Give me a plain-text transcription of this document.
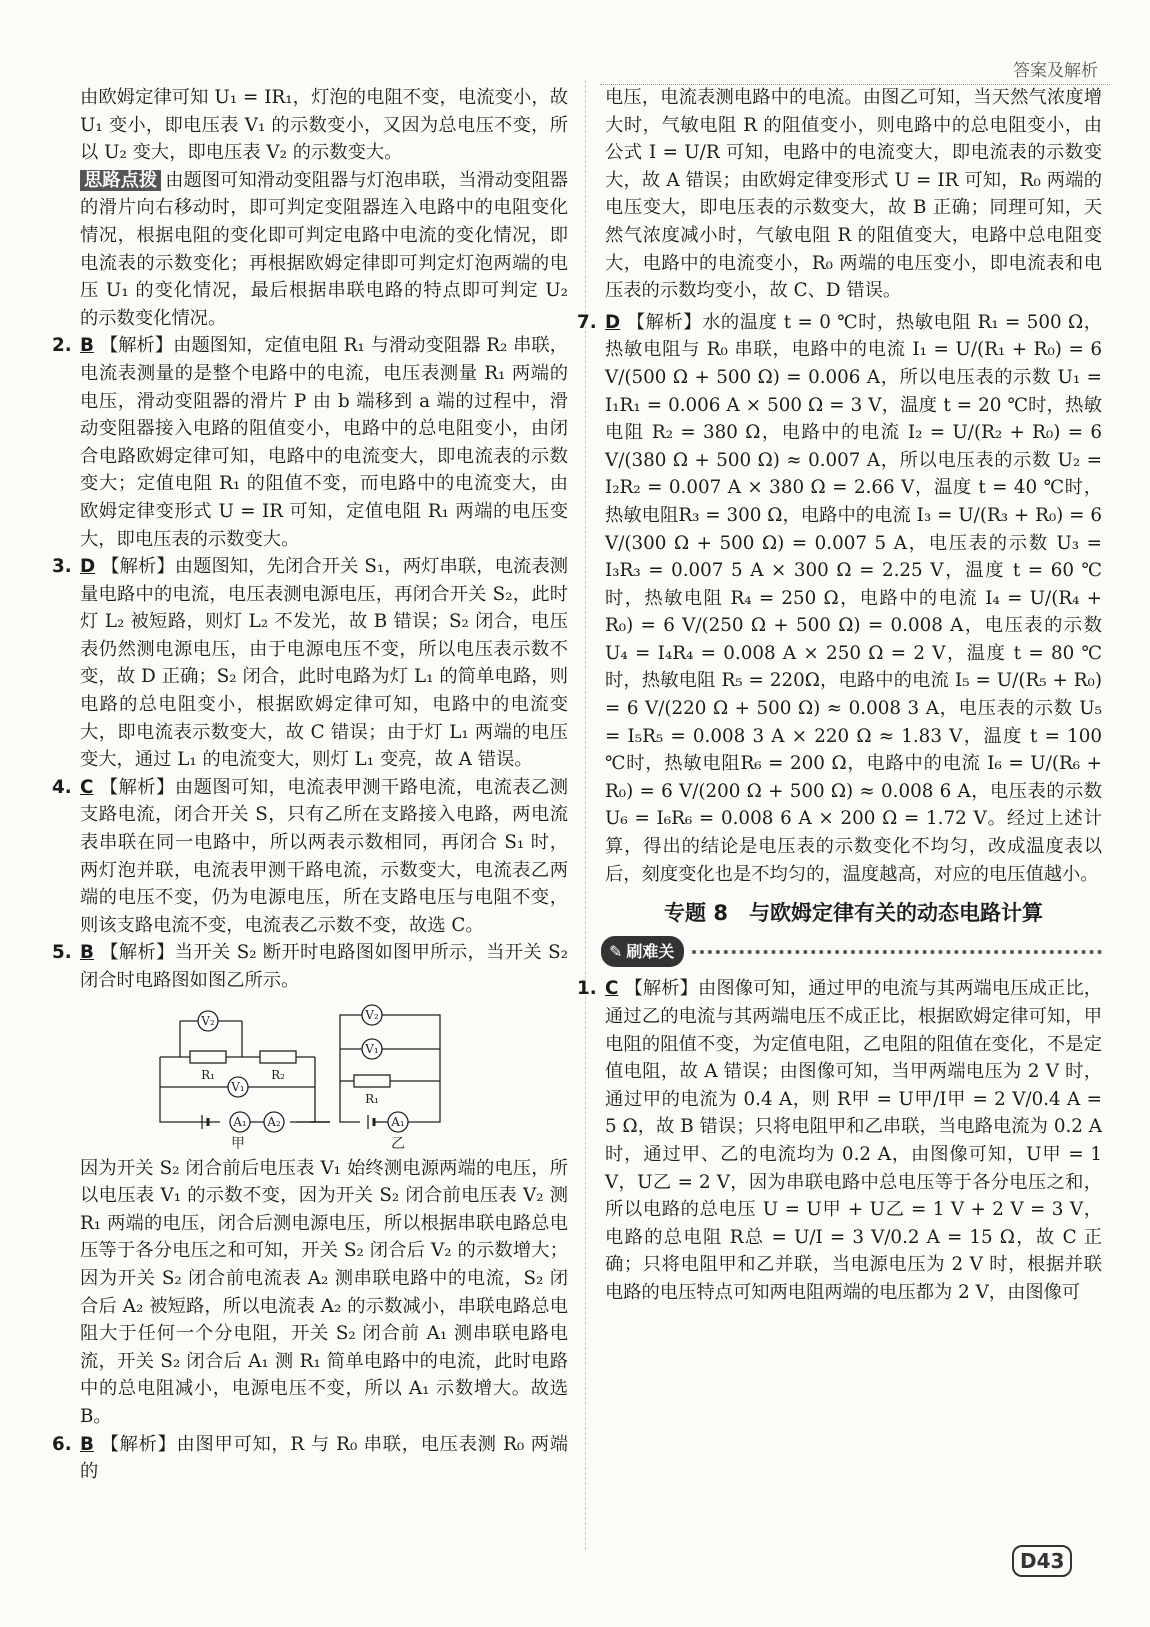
答案及解析

由欧姆定律可知 U₁ = IR₁，灯泡的电阻不变，电流变小，故 U₁ 变小，即电压表 V₁ 的示数变小，又因为总电压不变，所以 U₂ 变大，即电压表 V₂ 的示数变大。

思路点拨 由题图可知滑动变阻器与灯泡串联，当滑动变阻器的滑片向右移动时，即可判定变阻器连入电路中的电阻变化情况，根据电阻的变化即可判定电路中电流的变化情况，即电流表的示数变化；再根据欧姆定律即可判定灯泡两端的电压 U₁ 的变化情况，最后根据串联电路的特点即可判定 U₂ 的示数变化情况。

2. B 【解析】由题图知，定值电阻 R₁ 与滑动变阻器 R₂ 串联，电流表测量的是整个电路中的电流，电压表测量 R₁ 两端的电压，滑动变阻器的滑片 P 由 b 端移到 a 端的过程中，滑动变阻器接入电路的阻值变小，电路中的总电阻变小，由闭合电路欧姆定律可知，电路中的电流变大，即电流表的示数变大；定值电阻 R₁ 的阻值不变，而电路中的电流变大，由欧姆定律变形式 U = IR 可知，定值电阻 R₁ 两端的电压变大，即电压表的示数变大。

3. D 【解析】由题图知，先闭合开关 S₁，两灯串联，电流表测量电路中的电流，电压表测电源电压，再闭合开关 S₂，此时灯 L₂ 被短路，则灯 L₂ 不发光，故 B 错误；S₂ 闭合，电压表仍然测电源电压，由于电源电压不变，所以电压表示数不变，故 D 正确；S₂ 闭合，此时电路为灯 L₁ 的简单电路，则电路的总电阻变小，根据欧姆定律可知，电路中的电流变大，即电流表示数变大，故 C 错误；由于灯 L₁ 两端的电压变大，通过 L₁ 的电流变大，则灯 L₁ 变亮，故 A 错误。

4. C 【解析】由题图可知，电流表甲测干路电流，电流表乙测支路电流，闭合开关 S，只有乙所在支路接入电路，两电流表串联在同一电路中，所以两表示数相同，再闭合 S₁ 时，两灯泡并联，电流表甲测干路电流，示数变大，电流表乙两端的电压不变，仍为电源电压，所在支路电压与电阻不变，则该支路电流不变，电流表乙示数不变，故选 C。

5. B 【解析】当开关 S₂ 断开时电路图如图甲所示，当开关 S₂ 闭合时电路图如图乙所示。

V₂
V₁
A₁ A₂
R₁	R₂
甲
V₂
V₁
A₁
R₁
乙

因为开关 S₂ 闭合前后电压表 V₁ 始终测电源两端的电压，所以电压表 V₁ 的示数不变，因为开关 S₂ 闭合前电压表 V₂ 测 R₁ 两端的电压，闭合后测电源电压，所以根据串联电路总电压等于各分电压之和可知，开关 S₂ 闭合后 V₂ 的示数增大；因为开关 S₂ 闭合前电流表 A₂ 测串联电路中的电流，S₂ 闭合后 A₂ 被短路，所以电流表 A₂ 的示数减小，串联电路总电阻大于任何一个分电阻，开关 S₂ 闭合前 A₁ 测串联电路电流，开关 S₂ 闭合后 A₁ 测 R₁ 简单电路中的电流，此时电路中的总电阻减小，电源电压不变，所以 A₁ 示数增大。故选 B。

6. B 【解析】由图甲可知，R 与 R₀ 串联，电压表测 R₀ 两端的

电压，电流表测电路中的电流。由图乙可知，当天然气浓度增大时，气敏电阻 R 的阻值变小，则电路中的总电阻变小，由公式 I = U/R 可知，电路中的电流变大，即电流表的示数变大，故 A 错误；由欧姆定律变形式 U = IR 可知，R₀ 两端的电压变大，即电压表的示数变大，故 B 正确；同理可知，天然气浓度减小时，气敏电阻 R 的阻值变大，电路中总电阻变大，电路中的电流变小，R₀ 两端的电压变小，即电流表和电压表的示数均变小，故 C、D 错误。

7. D 【解析】水的温度 t = 0 ℃时，热敏电阻 R₁ = 500 Ω，热敏电阻与 R₀ 串联，电路中的电流 I₁ = U/(R₁ + R₀) = 6 V/(500 Ω + 500 Ω) = 0.006 A，所以电压表的示数 U₁ = I₁R₁ = 0.006 A × 500 Ω = 3 V，温度 t = 20 ℃时，热敏电阻 R₂ = 380 Ω，电路中的电流 I₂ = U/(R₂ + R₀) = 6 V/(380 Ω + 500 Ω) ≈ 0.007 A，所以电压表的示数 U₂ = I₂R₂ = 0.007 A × 380 Ω = 2.66 V，温度 t = 40 ℃时，热敏电阻R₃ = 300 Ω，电路中的电流 I₃ = U/(R₃ + R₀) = 6 V/(300 Ω + 500 Ω) = 0.007 5 A，电压表的示数 U₃ = I₃R₃ = 0.007 5 A × 300 Ω = 2.25 V，温度 t = 60 ℃时，热敏电阻 R₄ = 250 Ω，电路中的电流 I₄ = U/(R₄ + R₀) = 6 V/(250 Ω + 500 Ω) = 0.008 A，电压表的示数 U₄ = I₄R₄ = 0.008 A × 250 Ω = 2 V，温度 t = 80 ℃时，热敏电阻 R₅ = 220Ω，电路中的电流 I₅ = U/(R₅ + R₀) = 6 V/(220 Ω + 500 Ω) ≈ 0.008 3 A，电压表的示数 U₅ = I₅R₅ = 0.008 3 A × 220 Ω ≈ 1.83 V，温度 t = 100 ℃时，热敏电阻R₆ = 200 Ω，电路中的电流 I₆ = U/(R₆ + R₀) = 6 V/(200 Ω + 500 Ω) ≈ 0.008 6 A，电压表的示数 U₆ = I₆R₆ = 0.008 6 A × 200 Ω = 1.72 V。经过上述计算，得出的结论是电压表的示数变化不均匀，改成温度表以后，刻度变化也是不均匀的，温度越高，对应的电压值越小。

专题 8　与欧姆定律有关的动态电路计算
✎ 刷难关

1. C 【解析】由图像可知，通过甲的电流与其两端电压成正比，通过乙的电流与其两端电压不成正比，根据欧姆定律可知，甲电阻的阻值不变，为定值电阻，乙电阻的阻值在变化，不是定值电阻，故 A 错误；由图像可知，当甲两端电压为 2 V 时，通过甲的电流为 0.4 A，则 R甲 = U甲/I甲 = 2 V/0.4 A = 5 Ω，故 B 错误；只将电阻甲和乙串联，当电路电流为 0.2 A时，通过甲、乙的电流均为 0.2 A，由图像可知，U甲 = 1 V，U乙 = 2 V，因为串联电路中总电压等于各分电压之和，所以电路的总电压 U = U甲 + U乙 = 1 V + 2 V = 3 V，电路的总电阻 R总 = U/I = 3 V/0.2 A = 15 Ω，故 C 正确；只将电阻甲和乙并联，当电源电压为 2 V 时，根据并联电路的电压特点可知两电阻两端的电压都为 2 V，由图像可

D43
